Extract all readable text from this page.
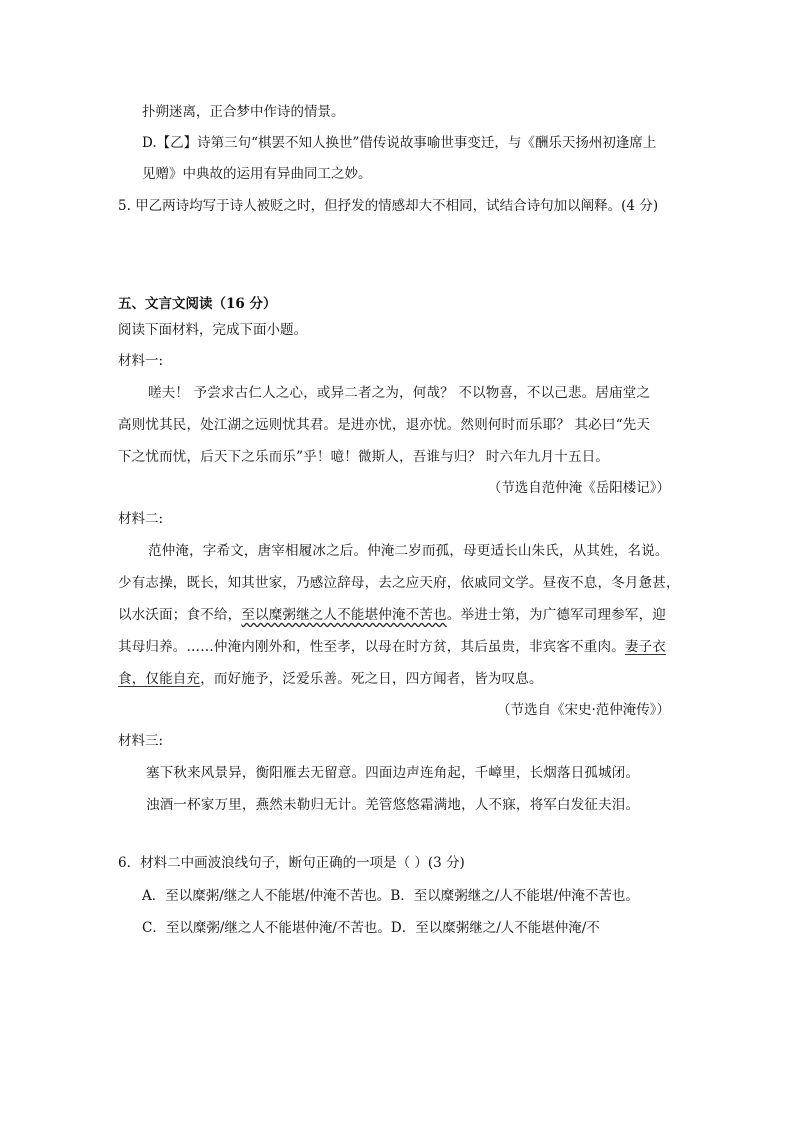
扑朔迷离，正合梦中作诗的情景。
D.【乙】诗第三句“棋罢不知人换世”借传说故事喻世事变迁，与《酬乐天扬州初逢席上
见赠》中典故的运用有异曲同工之妙。
5. 甲乙两诗均写于诗人被贬之时，但抒发的情感却大不相同，试结合诗句加以阐释。(4 分)
五、文言文阅读（16 分）
阅读下面材料，完成下面小题。
材料一:
嗟夫！ 予尝求古仁人之心，或异二者之为，何哉？ 不以物喜，不以己悲。居庙堂之
高则忧其民，处江湖之远则忧其君。是进亦忧，退亦忧。然则何时而乐耶？ 其必曰“先天
下之忧而忧，后天下之乐而乐”乎！噫！微斯人，吾谁与归？ 时六年九月十五日。
（节选自范仲淹《岳阳楼记》）
材料二:
范仲淹，字希文，唐宰相履冰之后。仲淹二岁而孤，母更适长山朱氏，从其姓，名说。
少有志操，既长，知其世家，乃感泣辞母，去之应天府，依戚同文学。昼夜不息，冬月惫甚，
以水沃面；食不给，至以糜粥继之人不能堪仲淹不苦也。举进士第，为广德军司理参军，迎
其母归养。……仲淹内刚外和，性至孝，以母在时方贫，其后虽贵，非宾客不重肉。妻子衣
食，仅能自充，而好施予，泛爱乐善。死之日，四方闻者，皆为叹息。
（节选自《宋史·范仲淹传》）
材料三:
塞下秋来风景异，衡阳雁去无留意。四面边声连角起，千嶂里，长烟落日孤城闭。
浊酒一杯家万里，燕然未勒归无计。羌管悠悠霜满地，人不寐，将军白发征夫泪。
6．材料二中画波浪线句子，断句正确的一项是（ ）(3 分)
A．至以糜粥/继之人不能堪/仲淹不苦也。B．至以糜粥继之/人不能堪/仲淹不苦也。
C．至以糜粥/继之人不能堪仲淹/不苦也。D．至以糜粥继之/人不能堪仲淹/不
